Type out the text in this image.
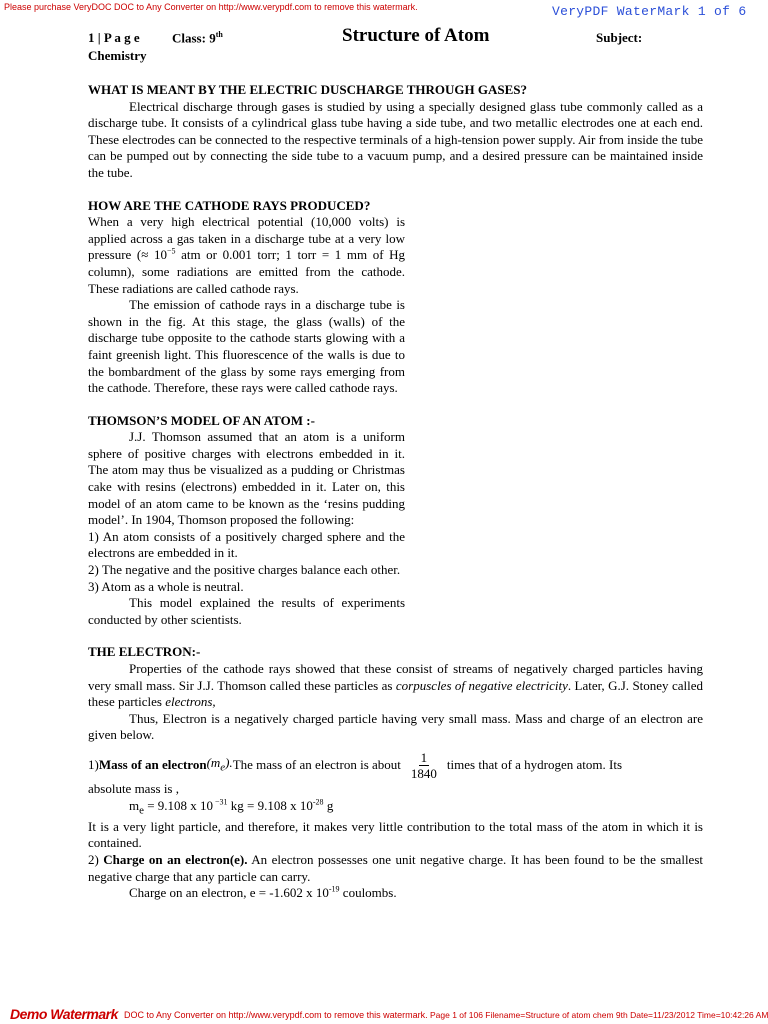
Please purchase VeryDOC DOC to Any Converter on http://www.verypdf.com to remove this watermark.	VeryPDF WaterMark 1 of 6
1 | P a g e Class: 9th	Structure of Atom	Subject:
Chemistry
WHAT IS MEANT BY THE ELECTRIC DUSCHARGE THROUGH GASES?

Electrical discharge through gases is studied by using a specially designed glass tube commonly called as a discharge tube. It consists of a cylindrical glass tube having a side tube, and two metallic electrodes one at each end. These electrodes can be connected to the respective terminals of a high-tension power supply. Air from inside the tube can be pumped out by connecting the side tube to a vacuum pump, and a desired pressure can be maintained inside the tube.

HOW ARE THE CATHODE RAYS PRODUCED?

When a very high electrical potential (10,000 volts) is applied across a gas taken in a discharge tube at a very low pressure (≈ $10^{-5}$ atm or 0.001 torr; 1 torr = 1 mm of Hg column), some radiations are emitted from the cathode. These radiations are called cathode rays.

The emission of cathode rays in a discharge tube is shown in the fig. At this stage, the glass (walls) of the discharge tube opposite to the cathode starts glowing with a faint greenish light. This fluorescence of the walls is due to the bombardment of the glass by some rays emerging from the cathode. Therefore, these rays were called cathode rays.

THOMSON’S MODEL OF AN ATOM :-

J.J. Thomson assumed that an atom is a uniform sphere of positive charges with electrons embedded in it. The atom may thus be visualized as a pudding or Christmas cake with resins (electrons) embedded in it. Later on, this model of an atom came to be known as the ‘resins pudding model’. In 1904, Thomson proposed the following:

1) An atom consists of a positively charged sphere and the electrons are embedded in it.

2) The negative and the positive charges balance each other.

3) Atom as a whole is neutral.

This model explained the results of experiments conducted by other scientists.

THE ELECTRON:-

Properties of the cathode rays showed that these consist of streams of negatively charged particles having very small mass. Sir J.J. Thomson called these particles as corpuscles of negative electricity. Later, G.J. Stoney called these particles electrons,

Thus, Electron is a negatively charged particle having very small mass. Mass and charge of an electron are given below.

1) Mass of an electron $(m_e)$. The mass of an electron is about $\frac{1}{1840}$ times that of a hydrogen atom. Its

absolute mass is ,

$m_e = 9.108$ x 10 $^{-31}$ kg = 9.108 x $10^{-28}$ g

It is a very light particle, and therefore, it makes very little contribution to the total mass of the atom in which it is contained.

2) Charge on an electron(e). An electron possesses one unit negative charge. It has been found to be the smallest negative charge that any particle can carry.

Charge on an electron, e = -1.602 x $10^{-19}$ coulombs.

Demo Watermark DOC to Any Converter on http://www.verypdf.com to remove this watermark. Page 1 of 106 Filename=Structure of atom chem 9th Date=11/23/2012 Time=10:42:26 AM
